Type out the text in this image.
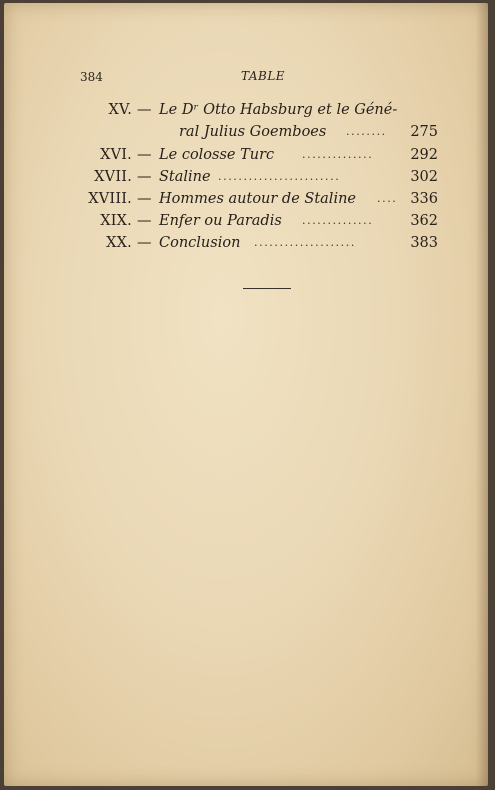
384	TABLE
XV. — Le Dʳ Otto Habsburg et le Géné-
ral Julius Goemboes ........ 275
XVI. — Le colosse Turc	..............	292
XVII. — Staline ........................	302
XVIII. — Hommes autour de Staline .... 336
XIX. — Enfer ou Paradis ..............	362
XX. — Conclusion ....................	383
